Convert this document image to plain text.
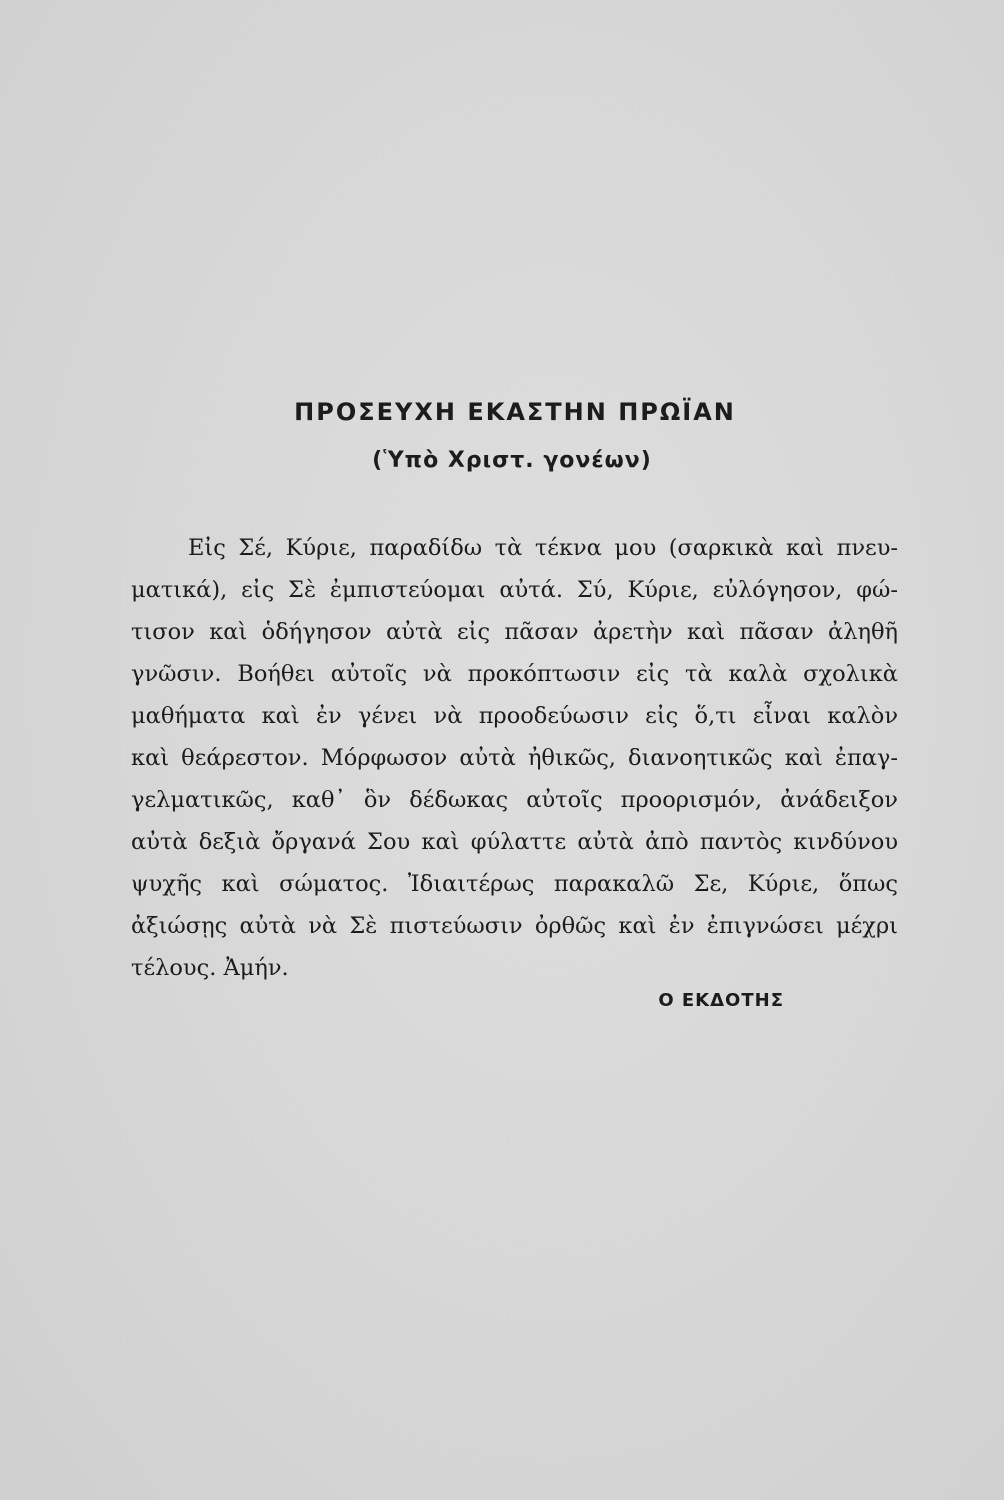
ΠΡΟΣΕΥΧΗ ΕΚΑΣΤΗΝ ΠΡΩΪΑΝ
(Ὑπὸ Χριστ. γονέων)
Εἰς Σέ, Κύριε, παραδίδω τὰ τέκνα μου (σαρκικὰ καὶ πνευ-
ματικά), εἰς Σὲ ἐμπιστεύομαι αὐτά. Σύ, Κύριε, εὐλόγησον, φώ-
τισον καὶ ὁδήγησον αὐτὰ εἰς πᾶσαν ἀρετὴν καὶ πᾶσαν ἀληθῆ
γνῶσιν. Βοήθει αὐτοῖς νὰ προκόπτωσιν εἰς τὰ καλὰ σχολικὰ
μαθήματα καὶ ἐν γένει νὰ προοδεύωσιν εἰς ὅ,τι εἶναι καλὸν
καὶ θεάρεστον. Μόρφωσον αὐτὰ ἠθικῶς, διανοητικῶς καὶ ἐπαγ-
γελματικῶς, καθ᾽ ὃν δέδωκας αὐτοῖς προορισμόν, ἀνάδειξον
αὐτὰ δεξιὰ ὄργανά Σου καὶ φύλαττε αὐτὰ ἀπὸ παντὸς κινδύνου
ψυχῆς καὶ σώματος. Ἰδιαιτέρως παρακαλῶ Σε, Κύριε, ὅπως
ἀξιώσῃς αὐτὰ νὰ Σὲ πιστεύωσιν ὀρθῶς καὶ ἐν ἐπιγνώσει μέχρι
τέλους. Ἀμήν.
Ο ΕΚΔΟΤΗΣ
